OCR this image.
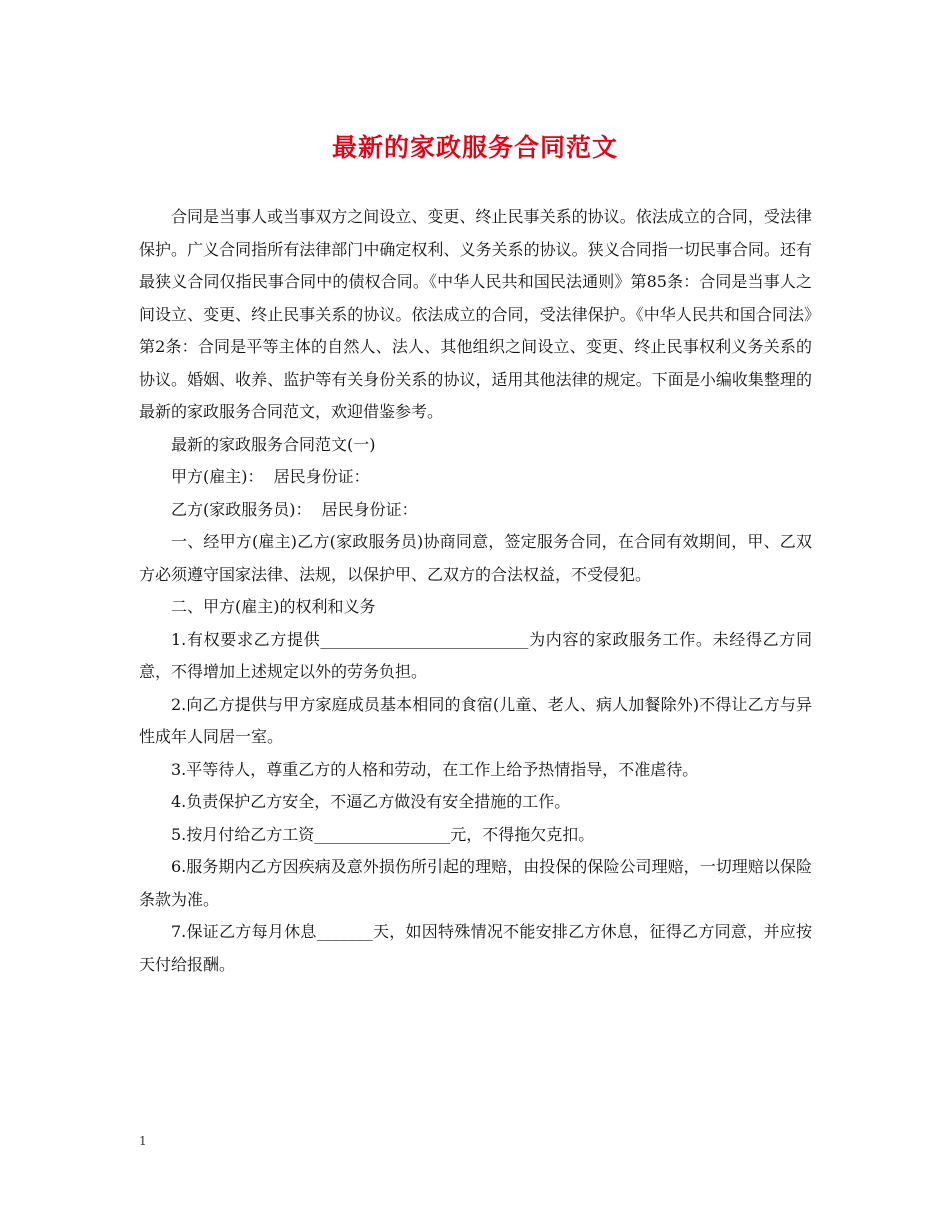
最新的家政服务合同范文

合同是当事人或当事双方之间设立、变更、终止民事关系的协议。依法成立的合同，受法律保护。广义合同指所有法律部门中确定权利、义务关系的协议。狭义合同指一切民事合同。还有最狭义合同仅指民事合同中的债权合同。《中华人民共和国民法通则》第85条：合同是当事人之间设立、变更、终止民事关系的协议。依法成立的合同，受法律保护。《中华人民共和国合同法》第2条：合同是平等主体的自然人、法人、其他组织之间设立、变更、终止民事权利义务关系的协议。婚姻、收养、监护等有关身份关系的协议，适用其他法律的规定。下面是小编收集整理的最新的家政服务合同范文，欢迎借鉴参考。

最新的家政服务合同范文(一)

甲方(雇主)：  居民身份证：

乙方(家政服务员)：  居民身份证：

一、经甲方(雇主)乙方(家政服务员)协商同意，签定服务合同，在合同有效期间，甲、乙双方必须遵守国家法律、法规，以保护甲、乙双方的合法权益，不受侵犯。

二、甲方(雇主)的权利和义务

1.有权要求乙方提供__________________________为内容的家政服务工作。未经得乙方同意，不得增加上述规定以外的劳务负担。

2.向乙方提供与甲方家庭成员基本相同的食宿(儿童、老人、病人加餐除外)不得让乙方与异性成年人同居一室。

3.平等待人，尊重乙方的人格和劳动，在工作上给予热情指导，不准虐待。

4.负责保护乙方安全，不逼乙方做没有安全措施的工作。

5.按月付给乙方工资_________________元，不得拖欠克扣。

6.服务期内乙方因疾病及意外损伤所引起的理赔，由投保的保险公司理赔，一切理赔以保险条款为准。

7.保证乙方每月休息_______天，如因特殊情况不能安排乙方休息，征得乙方同意，并应按天付给报酬。

1
